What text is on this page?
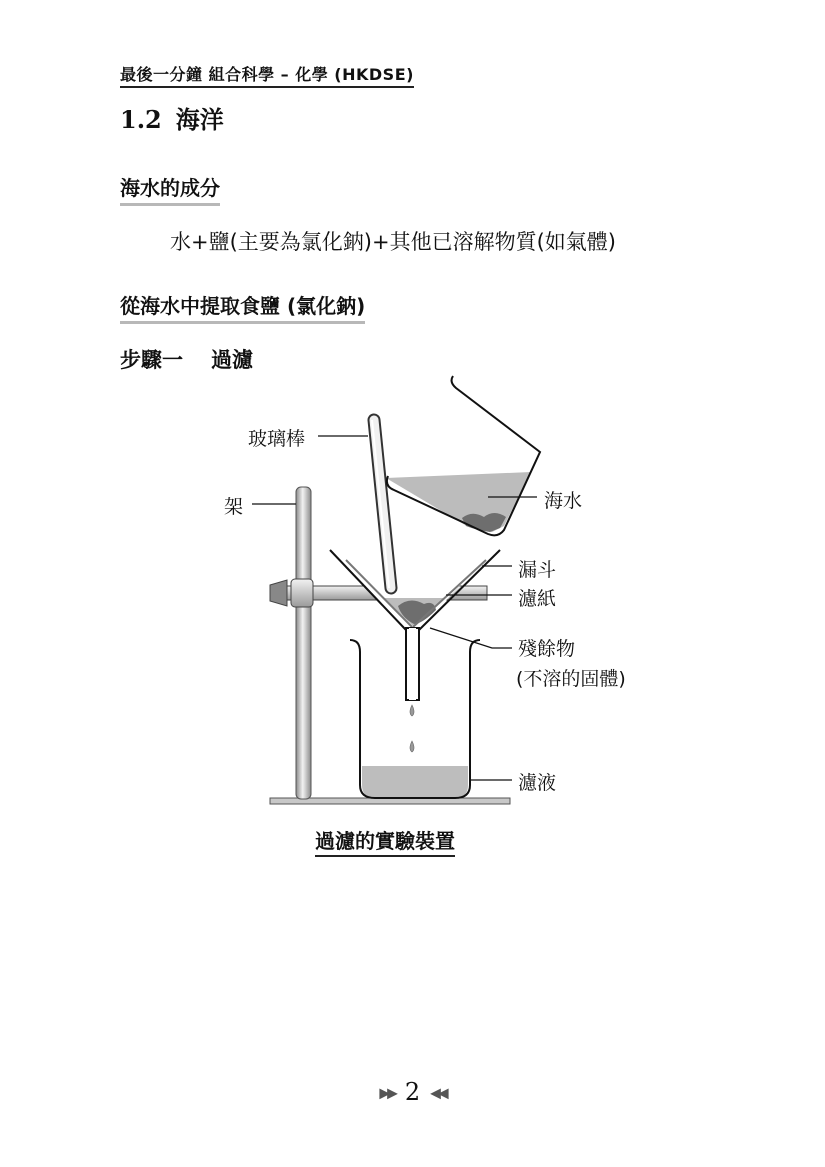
最後一分鐘 組合科學 – 化學 (HKDSE)
1.2 海洋
海水的成分
水+鹽(主要為氯化鈉)+其他已溶解物質(如氣體)
從海水中提取食鹽 (氯化鈉)
步驟一 過濾
玻璃棒
架	海水
漏斗
濾紙
殘餘物
(不溶的固體)
濾液
過濾的實驗裝置
▶▶ 2 ◀◀
